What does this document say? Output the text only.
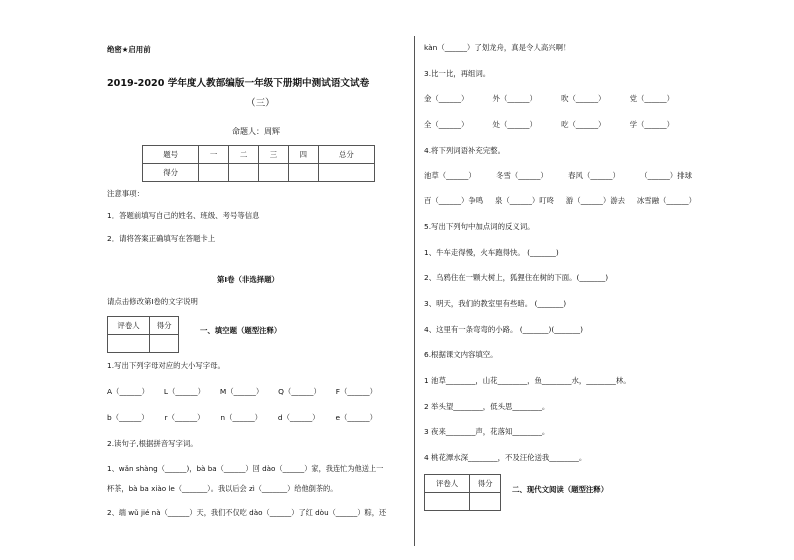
绝密★启用前
2019-2020 学年度人教部编版一年级下册期中测试语文试卷
（三）
命题人：周辉
题号	一	二	三	四	总分
得分					
注意事项：
1．答题前填写自己的姓名、班级、考号等信息
2．请将答案正确填写在答题卡上
第Ⅰ卷（非选择题）
请点击修改第Ⅰ卷的文字说明
评卷人	得分

一、填空题（题型注释）
1.写出下列字母对应的大小写字母。
A（______） L（______） M（______） Q（______） F（______）
b（______） r（______） n（______） d（______） e（______）
2.读句子,根据拼音写字词。
1、wǎn shàng（______)，bà ba（______）回 dào（______）家，我连忙为他送上一
杯茶，bà ba xiào le（_______）。我以后会 zì（_______）给他倒茶的。
2、端 wǔ jié nà（______）天，我们不仅吃 dào（______）了红 dòu（______）粽，还
kàn（______）了划龙舟，真是令人高兴啊！
3.比一比，再组词。
金（______）	外（______）	吹（______）	党（______）
全（______）	处（______）	吃（______）	学（______）
4.将下列词语补充完整。
池草（______）	冬雪（______）	春风（______）	（______）排球
百（______）争鸣 泉（______）叮咚 游（______）游去 冰雪融（______）
5.写出下列句中加点词的反义词。
1、牛车走得慢，火车跑得快。 (_______)
2、乌鸦住在一颗大树上，狐狸住在树的下面。(_______)
3、明天，我们的教室里有些暗。 (_______)
4、这里有一条弯弯的小路。 (_______)(_______)
6.根据课文内容填空。
1 池草________，山花________，鱼________水，________林。
2 举头望________，低头思________。
3 夜来________声，花落知________。
4 桃花潭水深________，不及汪伦送我________。
评卷人	得分

二、现代文阅读（题型注释）
